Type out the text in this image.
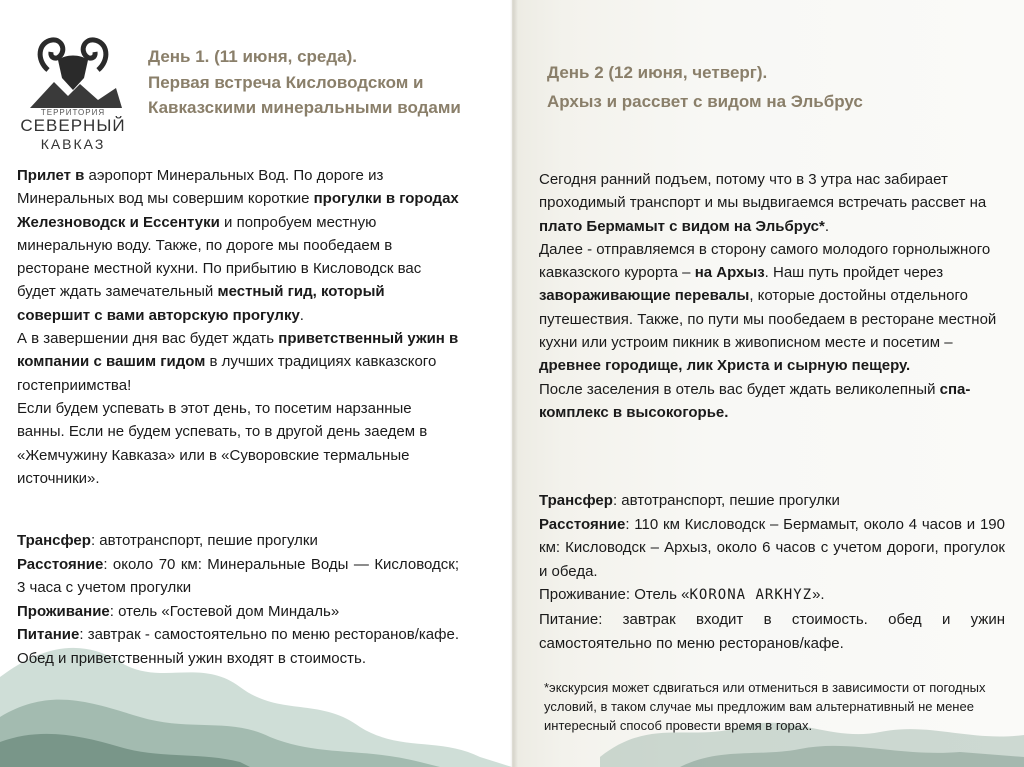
ТЕРРИТОРИЯ
СЕВЕРНЫЙ
КАВКАЗ
День 1. (11 июня, среда).
Первая встреча Кисловодском и
Кавказскими минеральными водами

Прилет в аэропорт Минеральных Вод. По дороге из Минеральных вод мы совершим короткие прогулки в городах Железноводск и Ессентуки и попробуем местную минеральную воду. Также, по дороге мы пообедаем в ресторане местной кухни. По прибытию в Кисловодск вас будет ждать замечательный местный гид, который совершит с вами авторскую прогулку.

А в завершении дня вас будет ждать приветственный ужин в компании с вашим гидом в лучших традициях кавказского гостеприимства!

Если будем успевать в этот день, то посетим нарзанные ванны. Если не будем успевать, то в другой день заедем в «Жемчужину Кавказа» или в «Суворовские термальные источники».

Трансфер: автотранспорт, пешие прогулки

Расстояние: около 70 км: Минеральные Воды — Кисловодск; 3 часа с учетом прогулки

Проживание: отель «Гостевой дом Миндаль»

Питание: завтрак - самостоятельно по меню ресторанов/кафе. Обед и приветственный ужин входят в стоимость.

День 2 (12 июня, четверг).
Архыз и рассвет с видом на Эльбрус

Сегодня ранний подъем, потому что в 3 утра нас забирает проходимый транспорт и мы выдвигаемся встречать рассвет на плато Бермамыт с видом на Эльбрус*.

Далее - отправляемся в сторону самого молодого горнолыжного кавказского курорта – на Архыз. Наш путь пройдет через завораживающие перевалы, которые достойны отдельного путешествия. Также, по пути мы пообедаем в ресторане местной кухни или устроим пикник в живописном месте и посетим – древнее городище, лик Христа и сырную пещеру.

После заселения в отель вас будет ждать великолепный спа-комплекс в высокогорье.

Трансфер: автотранспорт, пешие прогулки

Расстояние: 110 км Кисловодск – Бермамыт, около 4 часов и 190 км: Кисловодск – Архыз, около 6 часов с учетом дороги, прогулок и обеда.

Проживание: Отель «KORONA ARKHYZ».

Питание: завтрак входит в стоимость. обед и ужин самостоятельно по меню ресторанов/кафе.

*экскурсия может сдвигаться или отмениться в зависимости от погодных условий, в таком случае мы предложим вам альтернативный не менее интересный способ провести время в горах.
